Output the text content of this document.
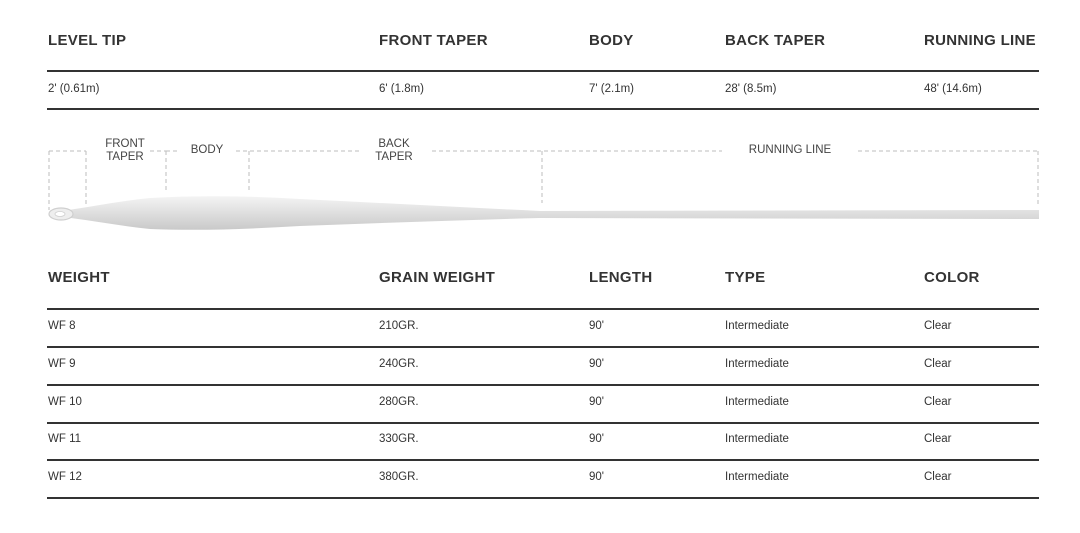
LEVEL TIP	FRONT TAPER	BODY	BACK TAPER	RUNNING LINE
2' (0.61m)	6' (1.8m)	7' (2.1m)	28' (8.5m)	48' (14.6m)
FRONT
TAPER
BODY	BACK
TAPER
RUNNING LINE
WEIGHT	GRAIN WEIGHT	LENGTH	TYPE	COLOR
WF 8	210GR.	90'	Intermediate	Clear
WF 9	240GR.	90'	Intermediate	Clear
WF 10	280GR.	90'	Intermediate	Clear
WF 11	330GR.	90'	Intermediate	Clear
WF 12	380GR.	90'	Intermediate	Clear
